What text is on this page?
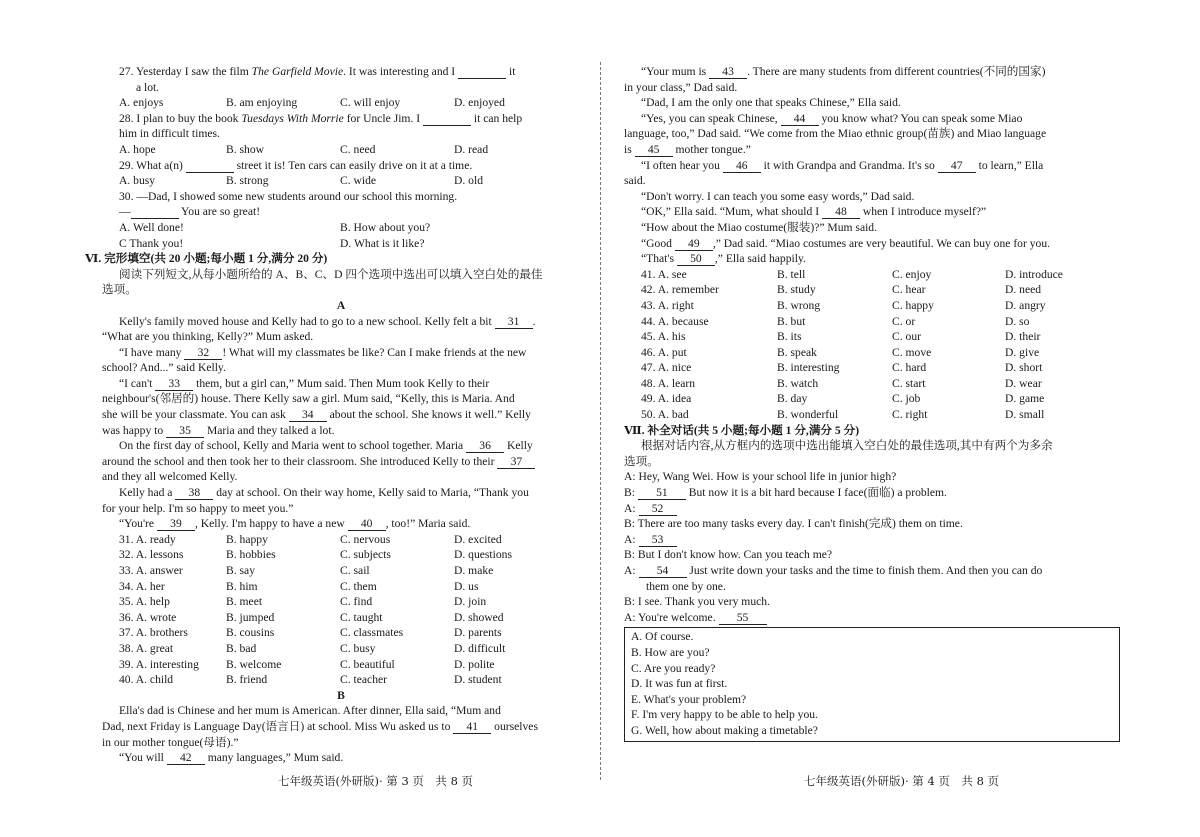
27. Yesterday I saw the film The Garfield Movie. It was interesting and I	it
a lot.
A. enjoys	B. am enjoying	C. will enjoy	D. enjoyed
28. I plan to buy the book Tuesdays With Morrie for Uncle Jim. I	it can help
him in difficult times.
A. hope	B. show	C. need	D. read
29. What a(n)	street it is! Ten cars can easily drive on it at a time.
A. busy	B. strong	C. wide	D. old
30. —Dad, I showed some new students around our school this morning.
—	You are so great!
A. Well done!	B. How about you?
C Thank you!	D. What is it like?
Ⅵ. 完形填空(共 20 小题;每小题 1 分,满分 20 分)
阅读下列短文,从每小题所给的 A、B、C、D 四个选项中选出可以填入空白处的最佳
选项。
A
Kelly's family moved house and Kelly had to go to a new school. Kelly felt a bit 31 .
“What are you thinking, Kelly?” Mum asked.
“I have many 32 ! What will my classmates be like? Can I make friends at the new
school? And...” said Kelly.
“I can't 33 them, but a girl can,” Mum said. Then Mum took Kelly to their
neighbour's(邻居的) house. There Kelly saw a girl. Mum said, “Kelly, this is Maria. And
she will be your classmate. You can ask 34 about the school. She knows it well.” Kelly
was happy to 35 Maria and they talked a lot.
On the first day of school, Kelly and Maria went to school together. Maria 36 Kelly
around the school and then took her to their classroom. She introduced Kelly to their 37
and they all welcomed Kelly.
Kelly had a 38 day at school. On their way home, Kelly said to Maria, “Thank you
for your help. I'm so happy to meet you.”
“You're 39 , Kelly. I'm happy to have a new 40 , too!” Maria said.
31. A. ready	B. happy	C. nervous	D. excited
32. A. lessons	B. hobbies	C. subjects	D. questions
33. A. answer	B. say	C. sail	D. make
34. A. her	B. him	C. them	D. us
35. A. help	B. meet	C. find	D. join
36. A. wrote	B. jumped	C. taught	D. showed
37. A. brothers	B. cousins	C. classmates	D. parents
38. A. great	B. bad	C. busy	D. difficult
39. A. interesting	B. welcome	C. beautiful	D. polite
40. A. child	B. friend	C. teacher	D. student
B
Ella's dad is Chinese and her mum is American. After dinner, Ella said, “Mum and
Dad, next Friday is Language Day(语言日) at school. Miss Wu asked us to 41 ourselves
in our mother tongue(母语).”
“You will 42 many languages,” Mum said.
“Your mum is 43 . There are many students from different countries(不同的国家)
in your class,” Dad said.
“Dad, I am the only one that speaks Chinese,” Ella said.
“Yes, you can speak Chinese, 44 you know what? You can speak some Miao
language, too,” Dad said. “We come from the Miao ethnic group(苗族) and Miao language
is 45 mother tongue.”
“I often hear you 46 it with Grandpa and Grandma. It's so 47 to learn,” Ella
said.
“Don't worry. I can teach you some easy words,” Dad said.
“OK,” Ella said. “Mum, what should I 48 when I introduce myself?”
“How about the Miao costume(服装)?” Mum said.
“Good 49 ,” Dad said. “Miao costumes are very beautiful. We can buy one for you.
“That's 50 ,” Ella said happily.
41. A. see	B. tell	C. enjoy	D. introduce
42. A. remember	B. study	C. hear	D. need
43. A. right	B. wrong	C. happy	D. angry
44. A. because	B. but	C. or	D. so
45. A. his	B. its	C. our	D. their
46. A. put	B. speak	C. move	D. give
47. A. nice	B. interesting	C. hard	D. short
48. A. learn	B. watch	C. start	D. wear
49. A. idea	B. day	C. job	D. game
50. A. bad	B. wonderful	C. right	D. small
Ⅶ. 补全对话(共 5 小题;每小题 1 分,满分 5 分)
根据对话内容,从方框内的选项中选出能填入空白处的最佳选项,其中有两个为多余
选项。
A: Hey, Wang Wei. How is your school life in junior high?
B: 51 But now it is a bit hard because I face(面临) a problem.
A: 52
B: There are too many tasks every day. I can't finish(完成) them on time.
A: 53
B: But I don't know how. Can you teach me?
A: 54 Just write down your tasks and the time to finish them. And then you can do
them one by one.
B: I see. Thank you very much.
A: You're welcome. 55
A. Of course.
B. How are you?
C. Are you ready?
D. It was fun at first.
E. What's your problem?
F. I'm very happy to be able to help you.
G. Well, how about making a timetable?
七年级英语(外研版)· 第 3 页　共 8 页	七年级英语(外研版)· 第 4 页　共 8 页
